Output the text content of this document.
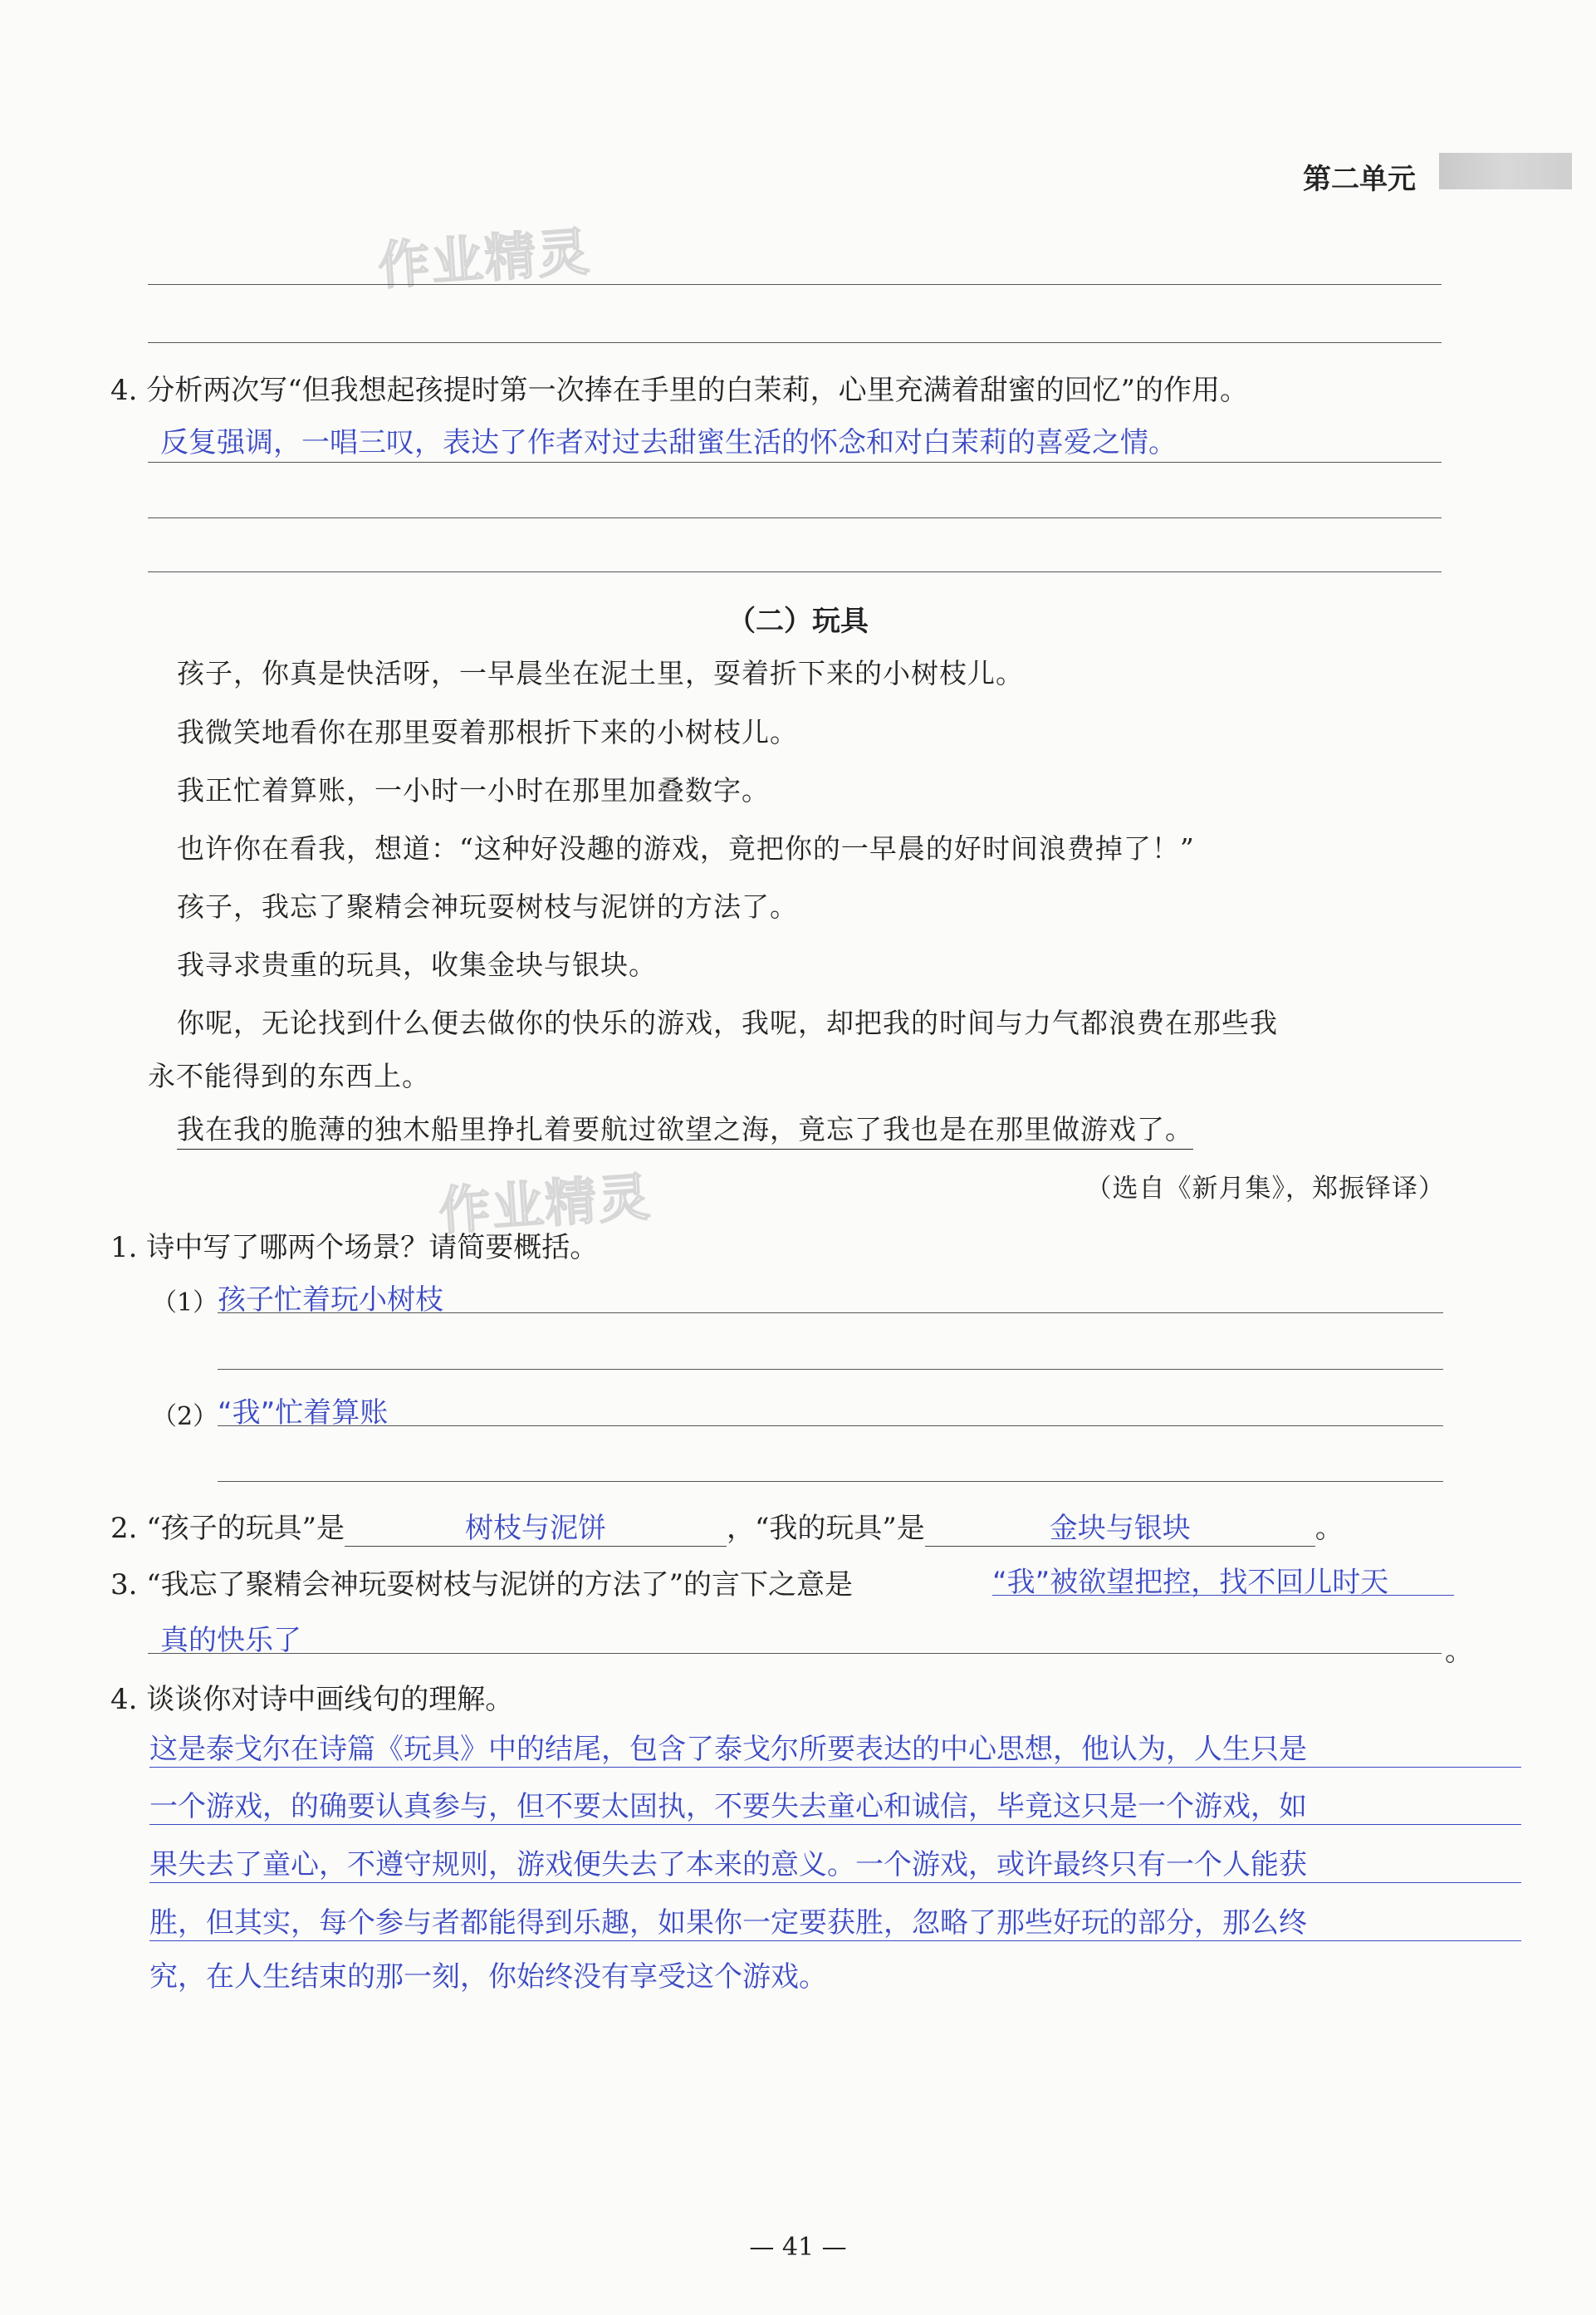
第二单元
作业精灵
作业精灵
4. 分析两次写“但我想起孩提时第一次捧在手里的白茉莉，心里充满着甜蜜的回忆”的作用。
反复强调，一唱三叹，表达了作者对过去甜蜜生活的怀念和对白茉莉的喜爱之情。
（二）玩具
孩子，你真是快活呀，一早晨坐在泥土里，耍着折下来的小树枝儿。
我微笑地看你在那里耍着那根折下来的小树枝儿。
我正忙着算账，一小时一小时在那里加叠数字。
也许你在看我，想道：“这种好没趣的游戏，竟把你的一早晨的好时间浪费掉了！”
孩子，我忘了聚精会神玩耍树枝与泥饼的方法了。
我寻求贵重的玩具，收集金块与银块。
你呢，无论找到什么便去做你的快乐的游戏，我呢，却把我的时间与力气都浪费在那些我
永不能得到的东西上。
我在我的脆薄的独木船里挣扎着要航过欲望之海，竟忘了我也是在那里做游戏了。
（选自《新月集》，郑振铎译）
1. 诗中写了哪两个场景？请简要概括。
（1） 孩子忙着玩小树枝
（2） “我”忙着算账
2. “孩子的玩具”是	树枝与泥饼	，“我的玩具”是	金块与银块	。
3. “我忘了聚精会神玩耍树枝与泥饼的方法了”的言下之意是	“我”被欲望把控，找不回儿时天
真的快乐了	。
4. 谈谈你对诗中画线句的理解。
这是泰戈尔在诗篇《玩具》中的结尾，包含了泰戈尔所要表达的中心思想，他认为，人生只是
一个游戏，的确要认真参与，但不要太固执，不要失去童心和诚信，毕竟这只是一个游戏，如
果失去了童心，不遵守规则，游戏便失去了本来的意义。一个游戏，或许最终只有一个人能获
胜，但其实，每个参与者都能得到乐趣，如果你一定要获胜，忽略了那些好玩的部分，那么终
究，在人生结束的那一刻，你始终没有享受这个游戏。
— 41 —
